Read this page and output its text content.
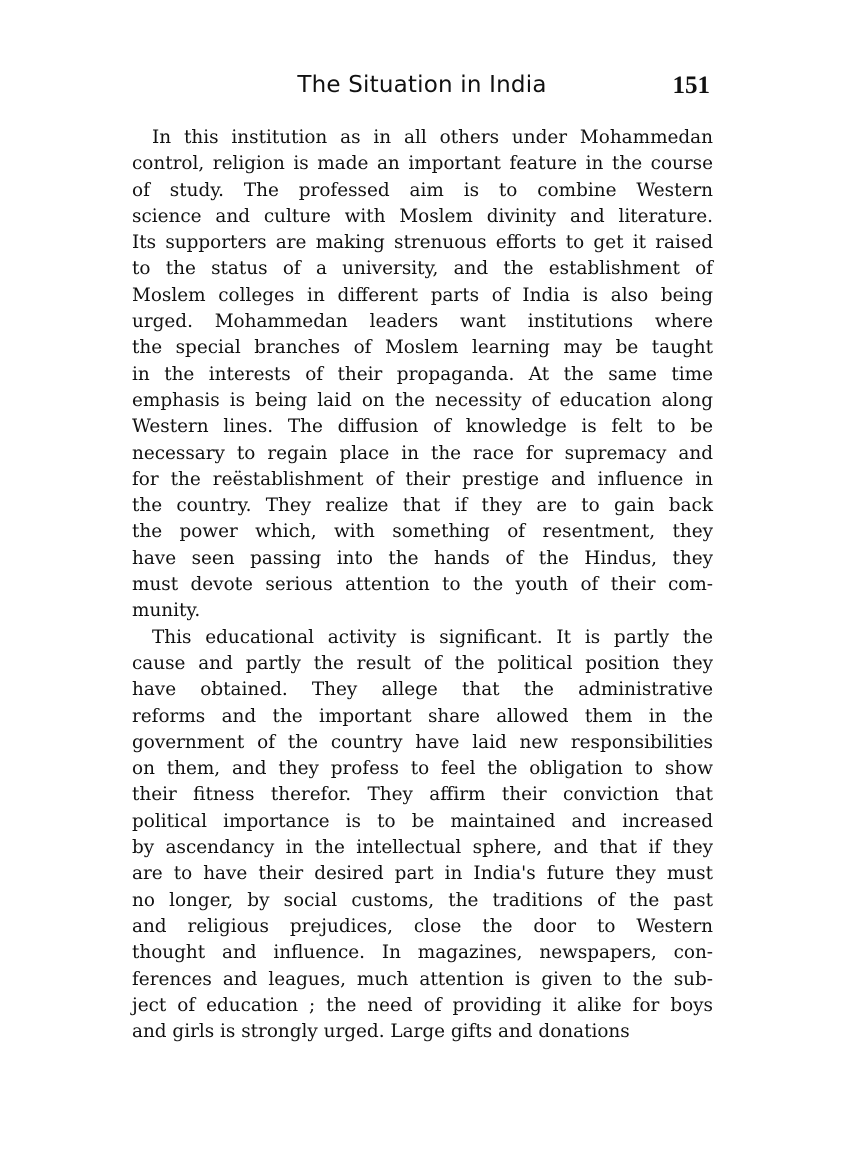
The Situation in India	151
In this institution as in all others under Mohammedan
control, religion is made an important feature in the course
of study. The professed aim is to combine Western
science and culture with Moslem divinity and literature.
Its supporters are making strenuous efforts to get it raised
to the status of a university, and the establishment of
Moslem colleges in different parts of India is also being
urged. Mohammedan leaders want institutions where
the special branches of Moslem learning may be taught
in the interests of their propaganda. At the same time
emphasis is being laid on the necessity of education along
Western lines. The diffusion of knowledge is felt to be
necessary to regain place in the race for supremacy and
for the reëstablishment of their prestige and influence in
the country. They realize that if they are to gain back
the power which, with something of resentment, they
have seen passing into the hands of the Hindus, they
must devote serious attention to the youth of their com-
munity.
This educational activity is significant. It is partly the
cause and partly the result of the political position they
have obtained. They allege that the administrative
reforms and the important share allowed them in the
government of the country have laid new responsibilities
on them, and they profess to feel the obligation to show
their fitness therefor. They affirm their conviction that
political importance is to be maintained and increased
by ascendancy in the intellectual sphere, and that if they
are to have their desired part in India's future they must
no longer, by social customs, the traditions of the past
and religious prejudices, close the door to Western
thought and influence. In magazines, newspapers, con-
ferences and leagues, much attention is given to the sub-
ject of education ; the need of providing it alike for boys
and girls is strongly urged. Large gifts and donations
